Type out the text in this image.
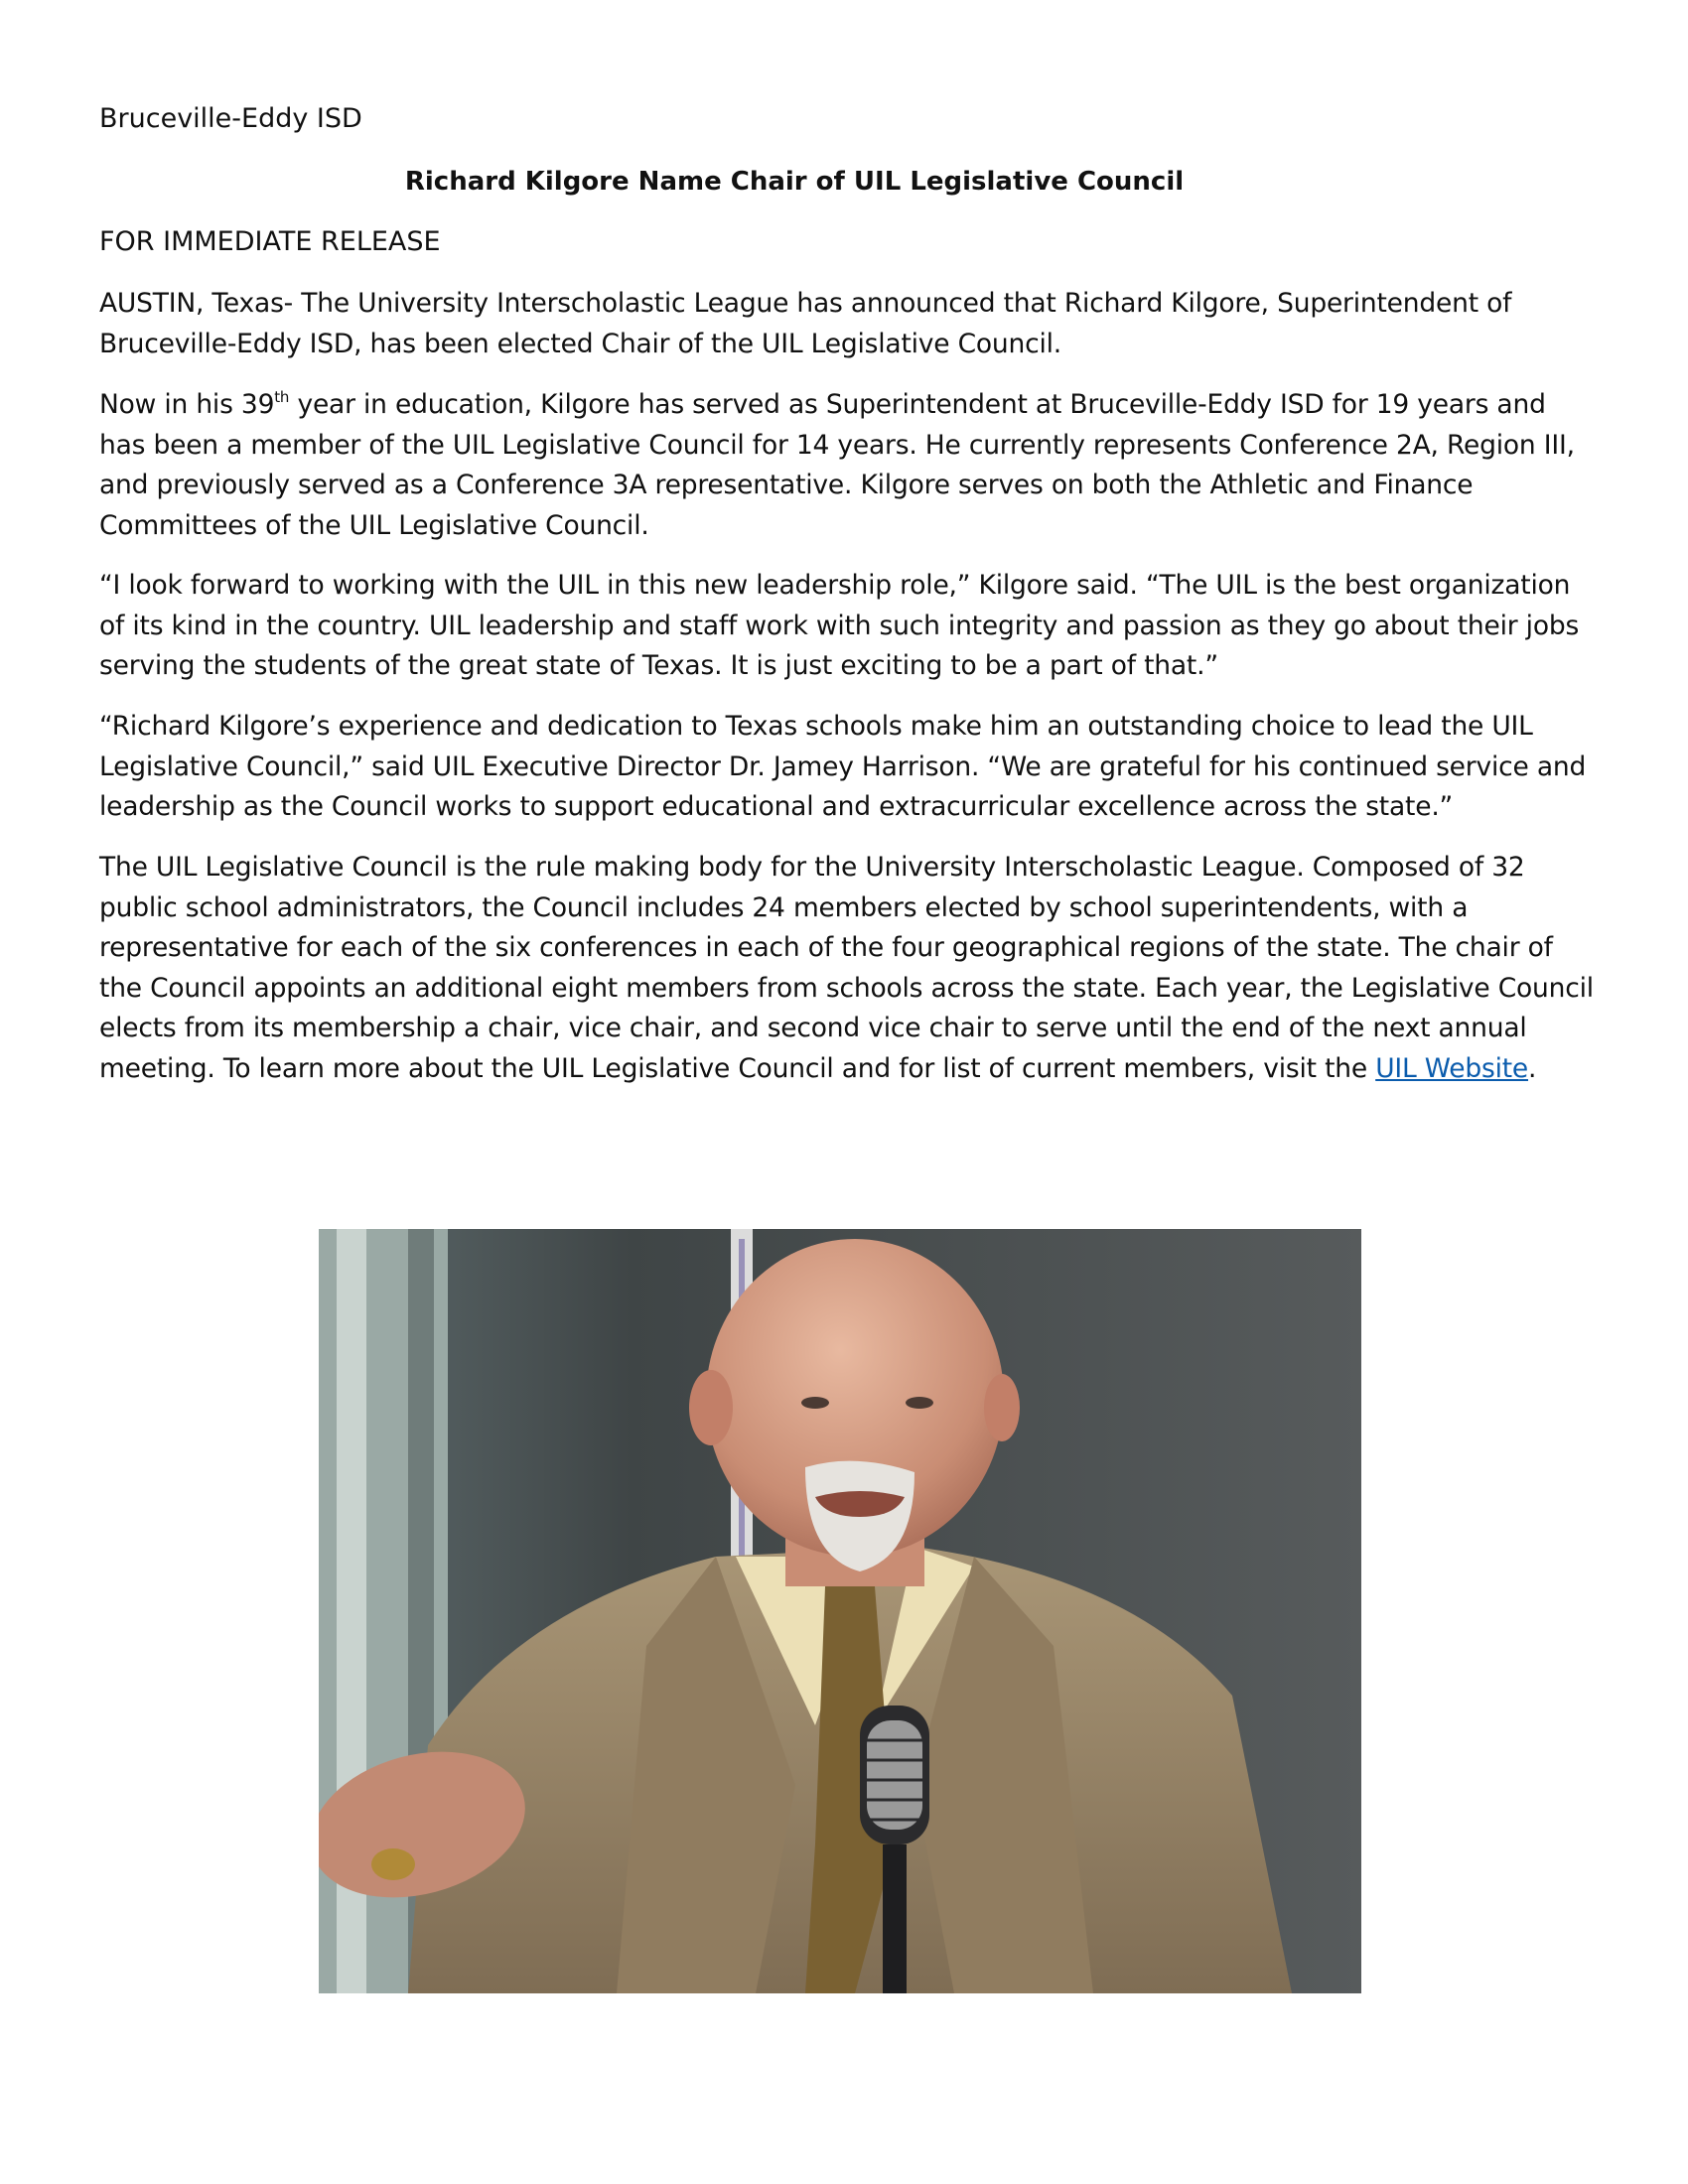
Bruceville-Eddy ISD

Richard Kilgore Name Chair of UIL Legislative Council

FOR IMMEDIATE RELEASE

AUSTIN, Texas- The University Interscholastic League has announced that Richard Kilgore, Superintendent of Bruceville-Eddy ISD, has been elected Chair of the UIL Legislative Council.

Now in his 39th year in education, Kilgore has served as Superintendent at Bruceville-Eddy ISD for 19 years and has been a member of the UIL Legislative Council for 14 years. He currently represents Conference 2A, Region III, and previously served as a Conference 3A representative. Kilgore serves on both the Athletic and Finance Committees of the UIL Legislative Council.

“I look forward to working with the UIL in this new leadership role,” Kilgore said. “The UIL is the best organization of its kind in the country. UIL leadership and staff work with such integrity and passion as they go about their jobs serving the students of the great state of Texas. It is just exciting to be a part of that.”

“Richard Kilgore’s experience and dedication to Texas schools make him an outstanding choice to lead the UIL Legislative Council,” said UIL Executive Director Dr. Jamey Harrison. “We are grateful for his continued service and leadership as the Council works to support educational and extracurricular excellence across the state.”

The UIL Legislative Council is the rule making body for the University Interscholastic League. Composed of 32 public school administrators, the Council includes 24 members elected by school superintendents, with a representative for each of the six conferences in each of the four geographical regions of the state. The chair of the Council appoints an additional eight members from schools across the state. Each year, the Legislative Council elects from its membership a chair, vice chair, and second vice chair to serve until the end of the next annual meeting. To learn more about the UIL Legislative Council and for list of current members, visit the UIL Website.
